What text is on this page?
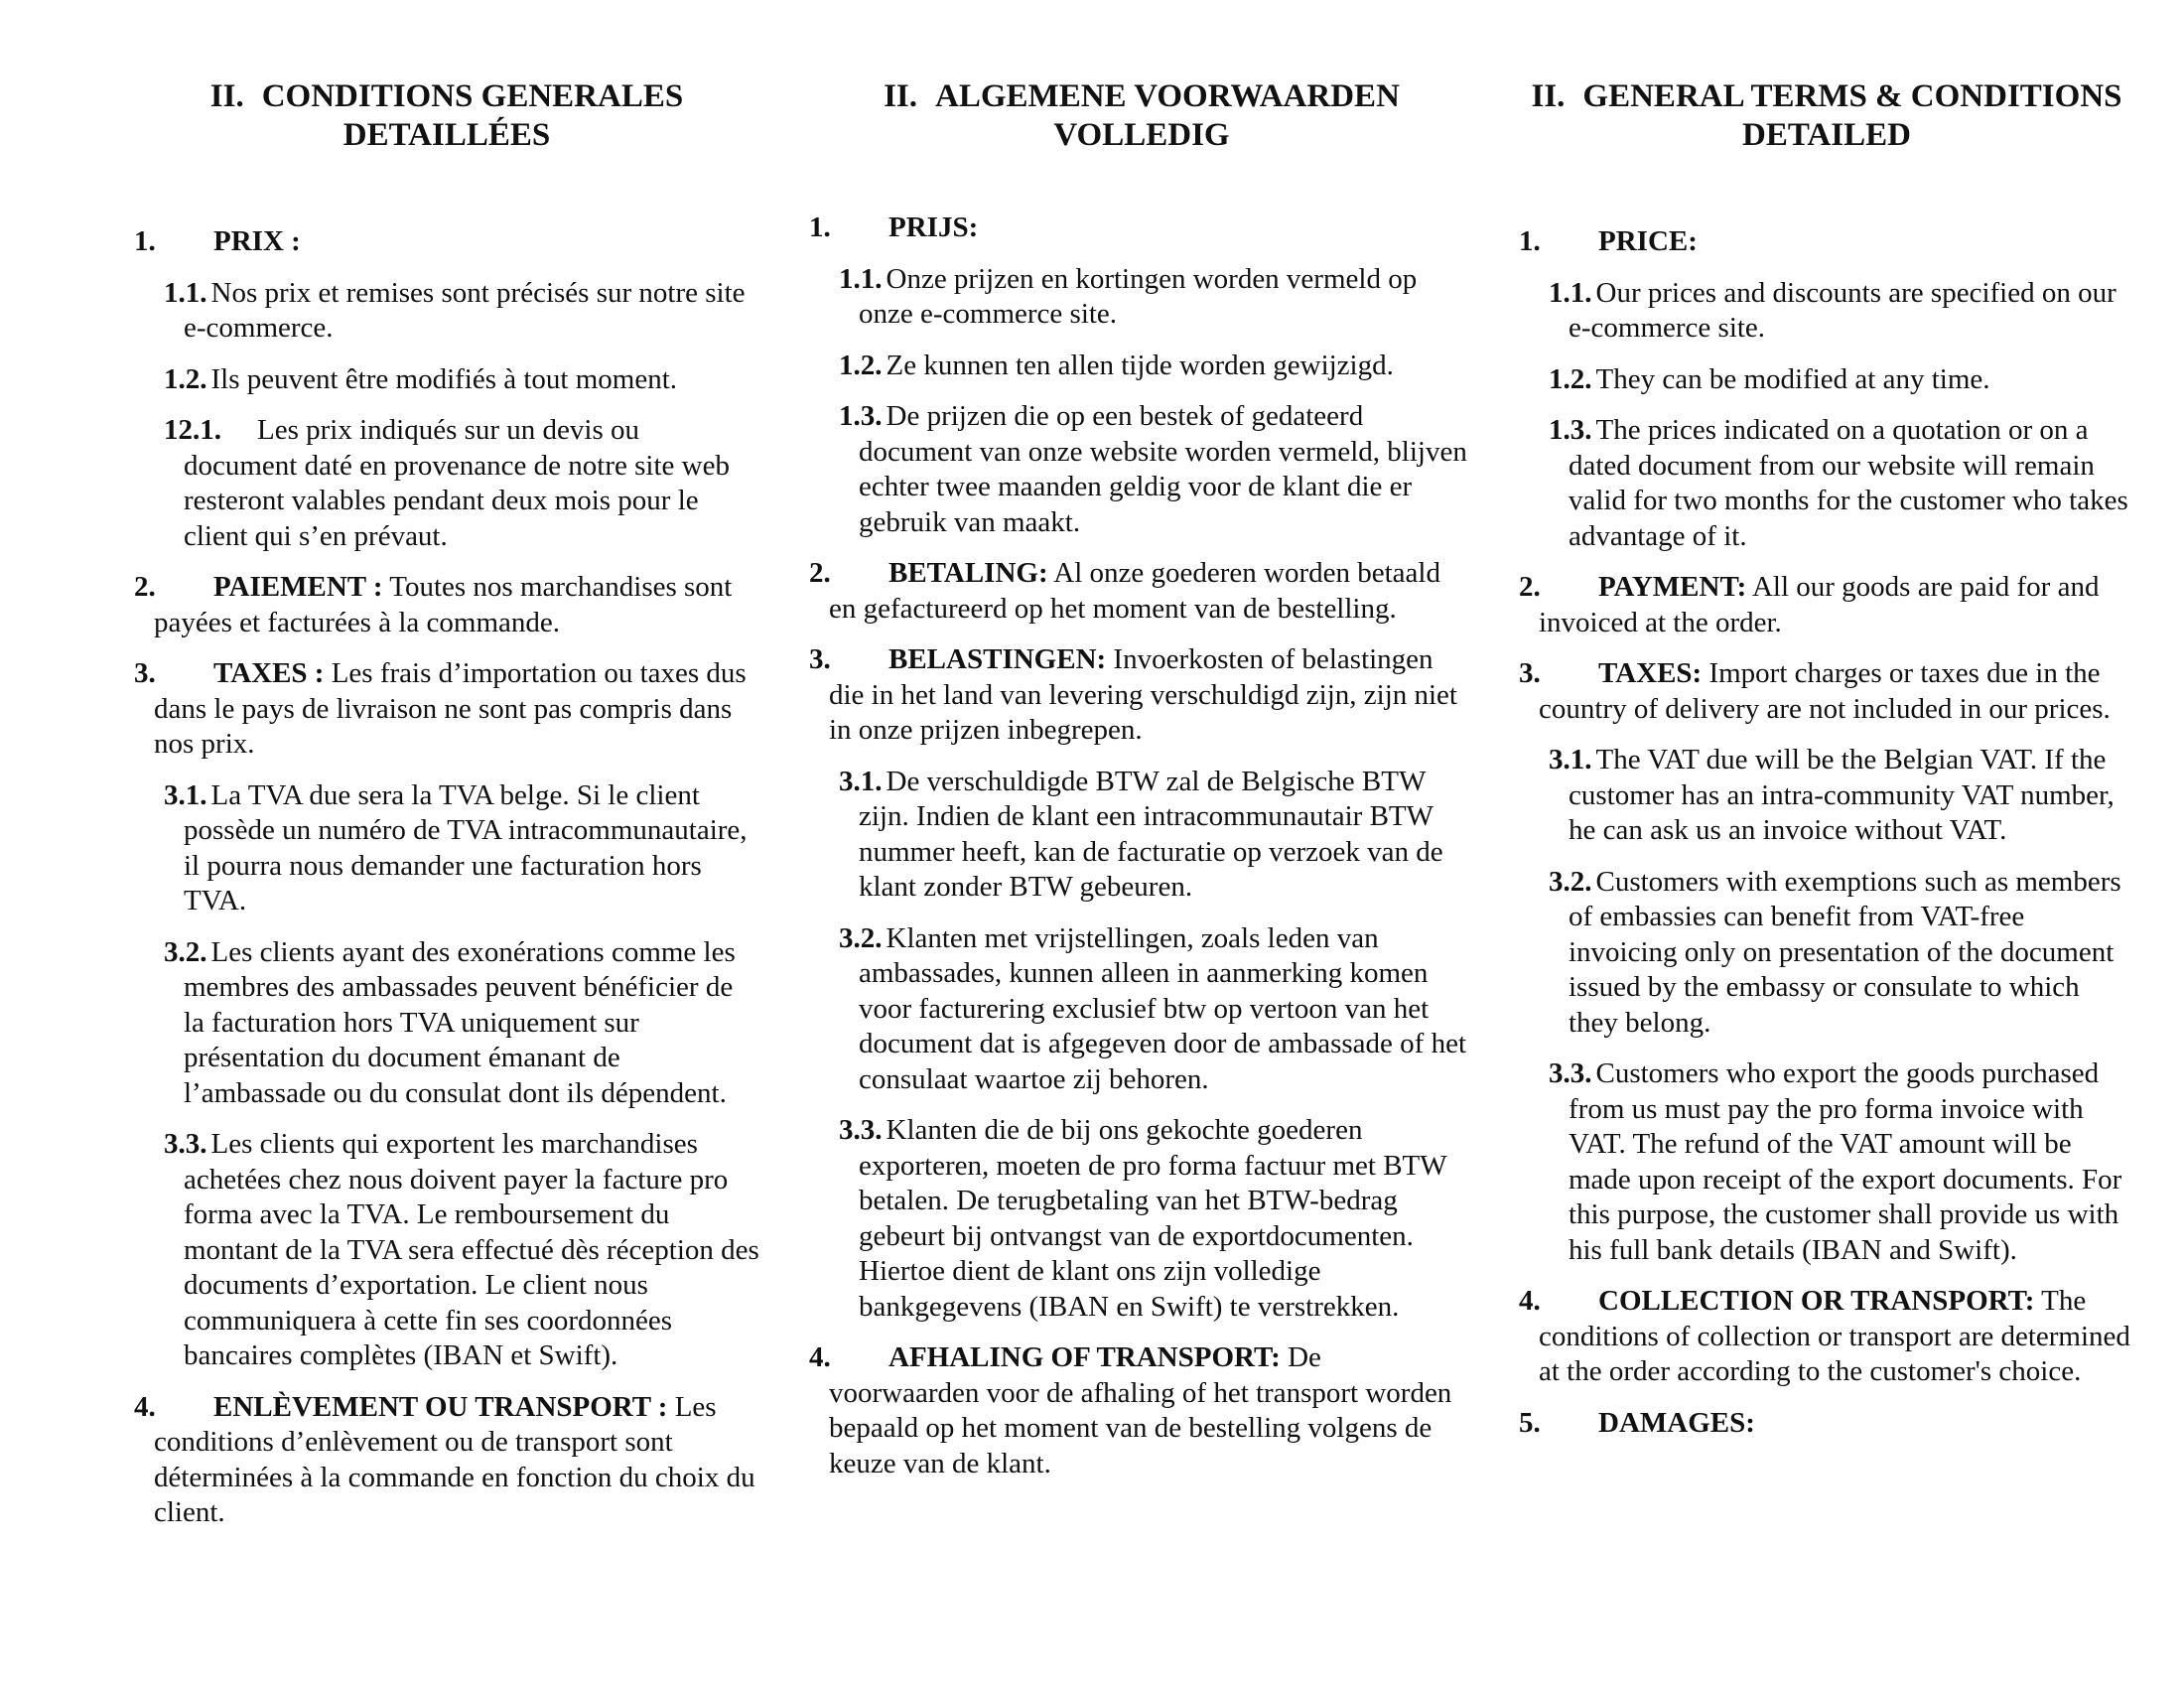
II. CONDITIONS GENERALES
DETAILLÉES

1. PRIX :

1.1. Nos prix et remises sont précisés sur notre site e-commerce.

1.2. Ils peuvent être modifiés à tout moment.

12.1. Les prix indiqués sur un devis ou document daté en provenance de notre site web resteront valables pendant deux mois pour le client qui s’en prévaut.

2. PAIEMENT : Toutes nos marchandises sont payées et facturées à la commande.

3. TAXES : Les frais d’importation ou taxes dus dans le pays de livraison ne sont pas compris dans nos prix.

3.1. La TVA due sera la TVA belge. Si le client possède un numéro de TVA intracommunautaire, il pourra nous demander une facturation hors TVA.

3.2. Les clients ayant des exonérations comme les membres des ambassades peuvent bénéficier de la facturation hors TVA uniquement sur présentation du document émanant de l’ambassade ou du consulat dont ils dépendent.

3.3. Les clients qui exportent les marchandises achetées chez nous doivent payer la facture pro forma avec la TVA. Le remboursement du montant de la TVA sera effectué dès réception des documents d’exportation. Le client nous communiquera à cette fin ses coordonnées bancaires complètes (IBAN et Swift).

4. ENLÈVEMENT OU TRANSPORT : Les conditions d’enlèvement ou de transport sont déterminées à la commande en fonction du choix du client.

II. ALGEMENE VOORWAARDEN
VOLLEDIG

1. PRIJS:

1.1. Onze prijzen en kortingen worden vermeld op onze e-commerce site.

1.2. Ze kunnen ten allen tijde worden gewijzigd.

1.3. De prijzen die op een bestek of gedateerd document van onze website worden vermeld, blijven echter twee maanden geldig voor de klant die er gebruik van maakt.

2. BETALING: Al onze goederen worden betaald en gefactureerd op het moment van de bestelling.

3. BELASTINGEN: Invoerkosten of belastingen die in het land van levering verschuldigd zijn, zijn niet in onze prijzen inbegrepen.

3.1. De verschuldigde BTW zal de Belgische BTW zijn. Indien de klant een intracommunautair BTW nummer heeft, kan de facturatie op verzoek van de klant zonder BTW gebeuren.

3.2. Klanten met vrijstellingen, zoals leden van ambassades, kunnen alleen in aanmerking komen voor facturering exclusief btw op vertoon van het document dat is afgegeven door de ambassade of het consulaat waartoe zij behoren.

3.3. Klanten die de bij ons gekochte goederen exporteren, moeten de pro forma factuur met BTW betalen. De terugbetaling van het BTW-bedrag gebeurt bij ontvangst van de exportdocumenten. Hiertoe dient de klant ons zijn volledige bankgegevens (IBAN en Swift) te verstrekken.

4. AFHALING OF TRANSPORT: De voorwaarden voor de afhaling of het transport worden bepaald op het moment van de bestelling volgens de keuze van de klant.

II. GENERAL TERMS & CONDITIONS
DETAILED

1. PRICE:

1.1. Our prices and discounts are specified on our e-commerce site.

1.2. They can be modified at any time.

1.3. The prices indicated on a quotation or on a dated document from our website will remain valid for two months for the customer who takes advantage of it.

2. PAYMENT: All our goods are paid for and invoiced at the order.

3. TAXES: Import charges or taxes due in the country of delivery are not included in our prices.

3.1. The VAT due will be the Belgian VAT. If the customer has an intra-community VAT number, he can ask us an invoice without VAT.

3.2. Customers with exemptions such as members of embassies can benefit from VAT-free invoicing only on presentation of the document issued by the embassy or consulate to which they belong.

3.3. Customers who export the goods purchased from us must pay the pro forma invoice with VAT. The refund of the VAT amount will be made upon receipt of the export documents. For this purpose, the customer shall provide us with his full bank details (IBAN and Swift).

4. COLLECTION OR TRANSPORT: The conditions of collection or transport are determined at the order according to the customer's choice.

5. DAMAGES:
